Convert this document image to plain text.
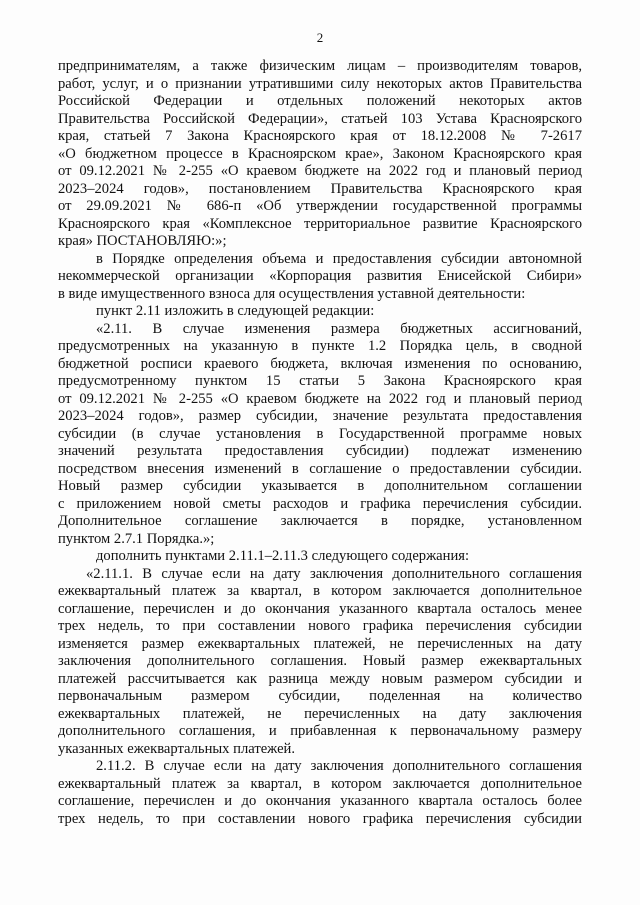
2
предпринимателям, а также физическим лицам – производителям товаров,
работ, услуг, и о признании утратившими силу некоторых актов Правительства
Российской Федерации и отдельных положений некоторых актов
Правительства Российской Федерации», статьей 103 Устава Красноярского
края, статьей 7 Закона Красноярского края от 18.12.2008 № 7-2617
«О бюджетном процессе в Красноярском крае», Законом Красноярского края
от 09.12.2021 № 2-255 «О краевом бюджете на 2022 год и плановый период
2023–2024 годов», постановлением Правительства Красноярского края
от 29.09.2021 № 686-п «Об утверждении государственной программы
Красноярского края «Комплексное территориальное развитие Красноярского
края» ПОСТАНОВЛЯЮ:»;
в Порядке определения объема и предоставления субсидии автономной
некоммерческой организации «Корпорация развития Енисейской Сибири»
в виде имущественного взноса для осуществления уставной деятельности:
пункт 2.11 изложить в следующей редакции:
«2.11. В случае изменения размера бюджетных ассигнований,
предусмотренных на указанную в пункте 1.2 Порядка цель, в сводной
бюджетной росписи краевого бюджета, включая изменения по основанию,
предусмотренному пунктом 15 статьи 5 Закона Красноярского края
от 09.12.2021 № 2-255 «О краевом бюджете на 2022 год и плановый период
2023–2024 годов», размер субсидии, значение результата предоставления
субсидии (в случае установления в Государственной программе новых
значений результата предоставления субсидии) подлежат изменению
посредством внесения изменений в соглашение о предоставлении субсидии.
Новый размер субсидии указывается в дополнительном соглашении
с приложением новой сметы расходов и графика перечисления субсидии.
Дополнительное соглашение заключается в порядке, установленном
пунктом 2.7.1 Порядка.»;
дополнить пунктами 2.11.1–2.11.3 следующего содержания:
«2.11.1. В случае если на дату заключения дополнительного соглашения
ежеквартальный платеж за квартал, в котором заключается дополнительное
соглашение, перечислен и до окончания указанного квартала осталось менее
трех недель, то при составлении нового графика перечисления субсидии
изменяется размер ежеквартальных платежей, не перечисленных на дату
заключения дополнительного соглашения. Новый размер ежеквартальных
платежей рассчитывается как разница между новым размером субсидии и
первоначальным размером субсидии, поделенная на количество
ежеквартальных платежей, не перечисленных на дату заключения
дополнительного соглашения, и прибавленная к первоначальному размеру
указанных ежеквартальных платежей.
2.11.2. В случае если на дату заключения дополнительного соглашения
ежеквартальный платеж за квартал, в котором заключается дополнительное
соглашение, перечислен и до окончания указанного квартала осталось более
трех недель, то при составлении нового графика перечисления субсидии
